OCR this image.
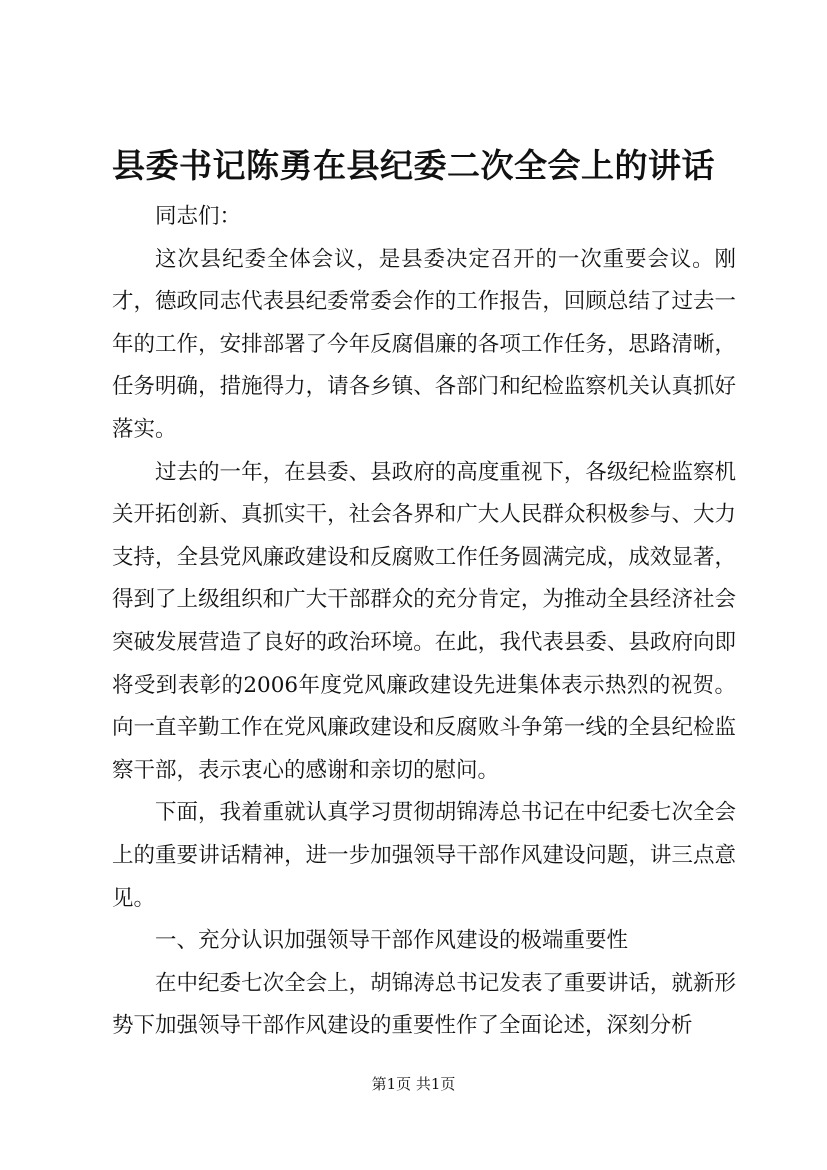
县委书记陈勇在县纪委二次全会上的讲话

同志们：

这次县纪委全体会议，是县委决定召开的一次重要会议。刚才，德政同志代表县纪委常委会作的工作报告，回顾总结了过去一年的工作，安排部署了今年反腐倡廉的各项工作任务，思路清晰，任务明确，措施得力，请各乡镇、各部门和纪检监察机关认真抓好落实。

过去的一年，在县委、县政府的高度重视下，各级纪检监察机关开拓创新、真抓实干，社会各界和广大人民群众积极参与、大力支持，全县党风廉政建设和反腐败工作任务圆满完成，成效显著，得到了上级组织和广大干部群众的充分肯定，为推动全县经济社会突破发展营造了良好的政治环境。在此，我代表县委、县政府向即将受到表彰的2006年度党风廉政建设先进集体表示热烈的祝贺。向一直辛勤工作在党风廉政建设和反腐败斗争第一线的全县纪检监察干部，表示衷心的感谢和亲切的慰问。

下面，我着重就认真学习贯彻胡锦涛总书记在中纪委七次全会上的重要讲话精神，进一步加强领导干部作风建设问题，讲三点意见。

一、充分认识加强领导干部作风建设的极端重要性

在中纪委七次全会上，胡锦涛总书记发表了重要讲话，就新形势下加强领导干部作风建设的重要性作了全面论述，深刻分析

第1页 共1页
